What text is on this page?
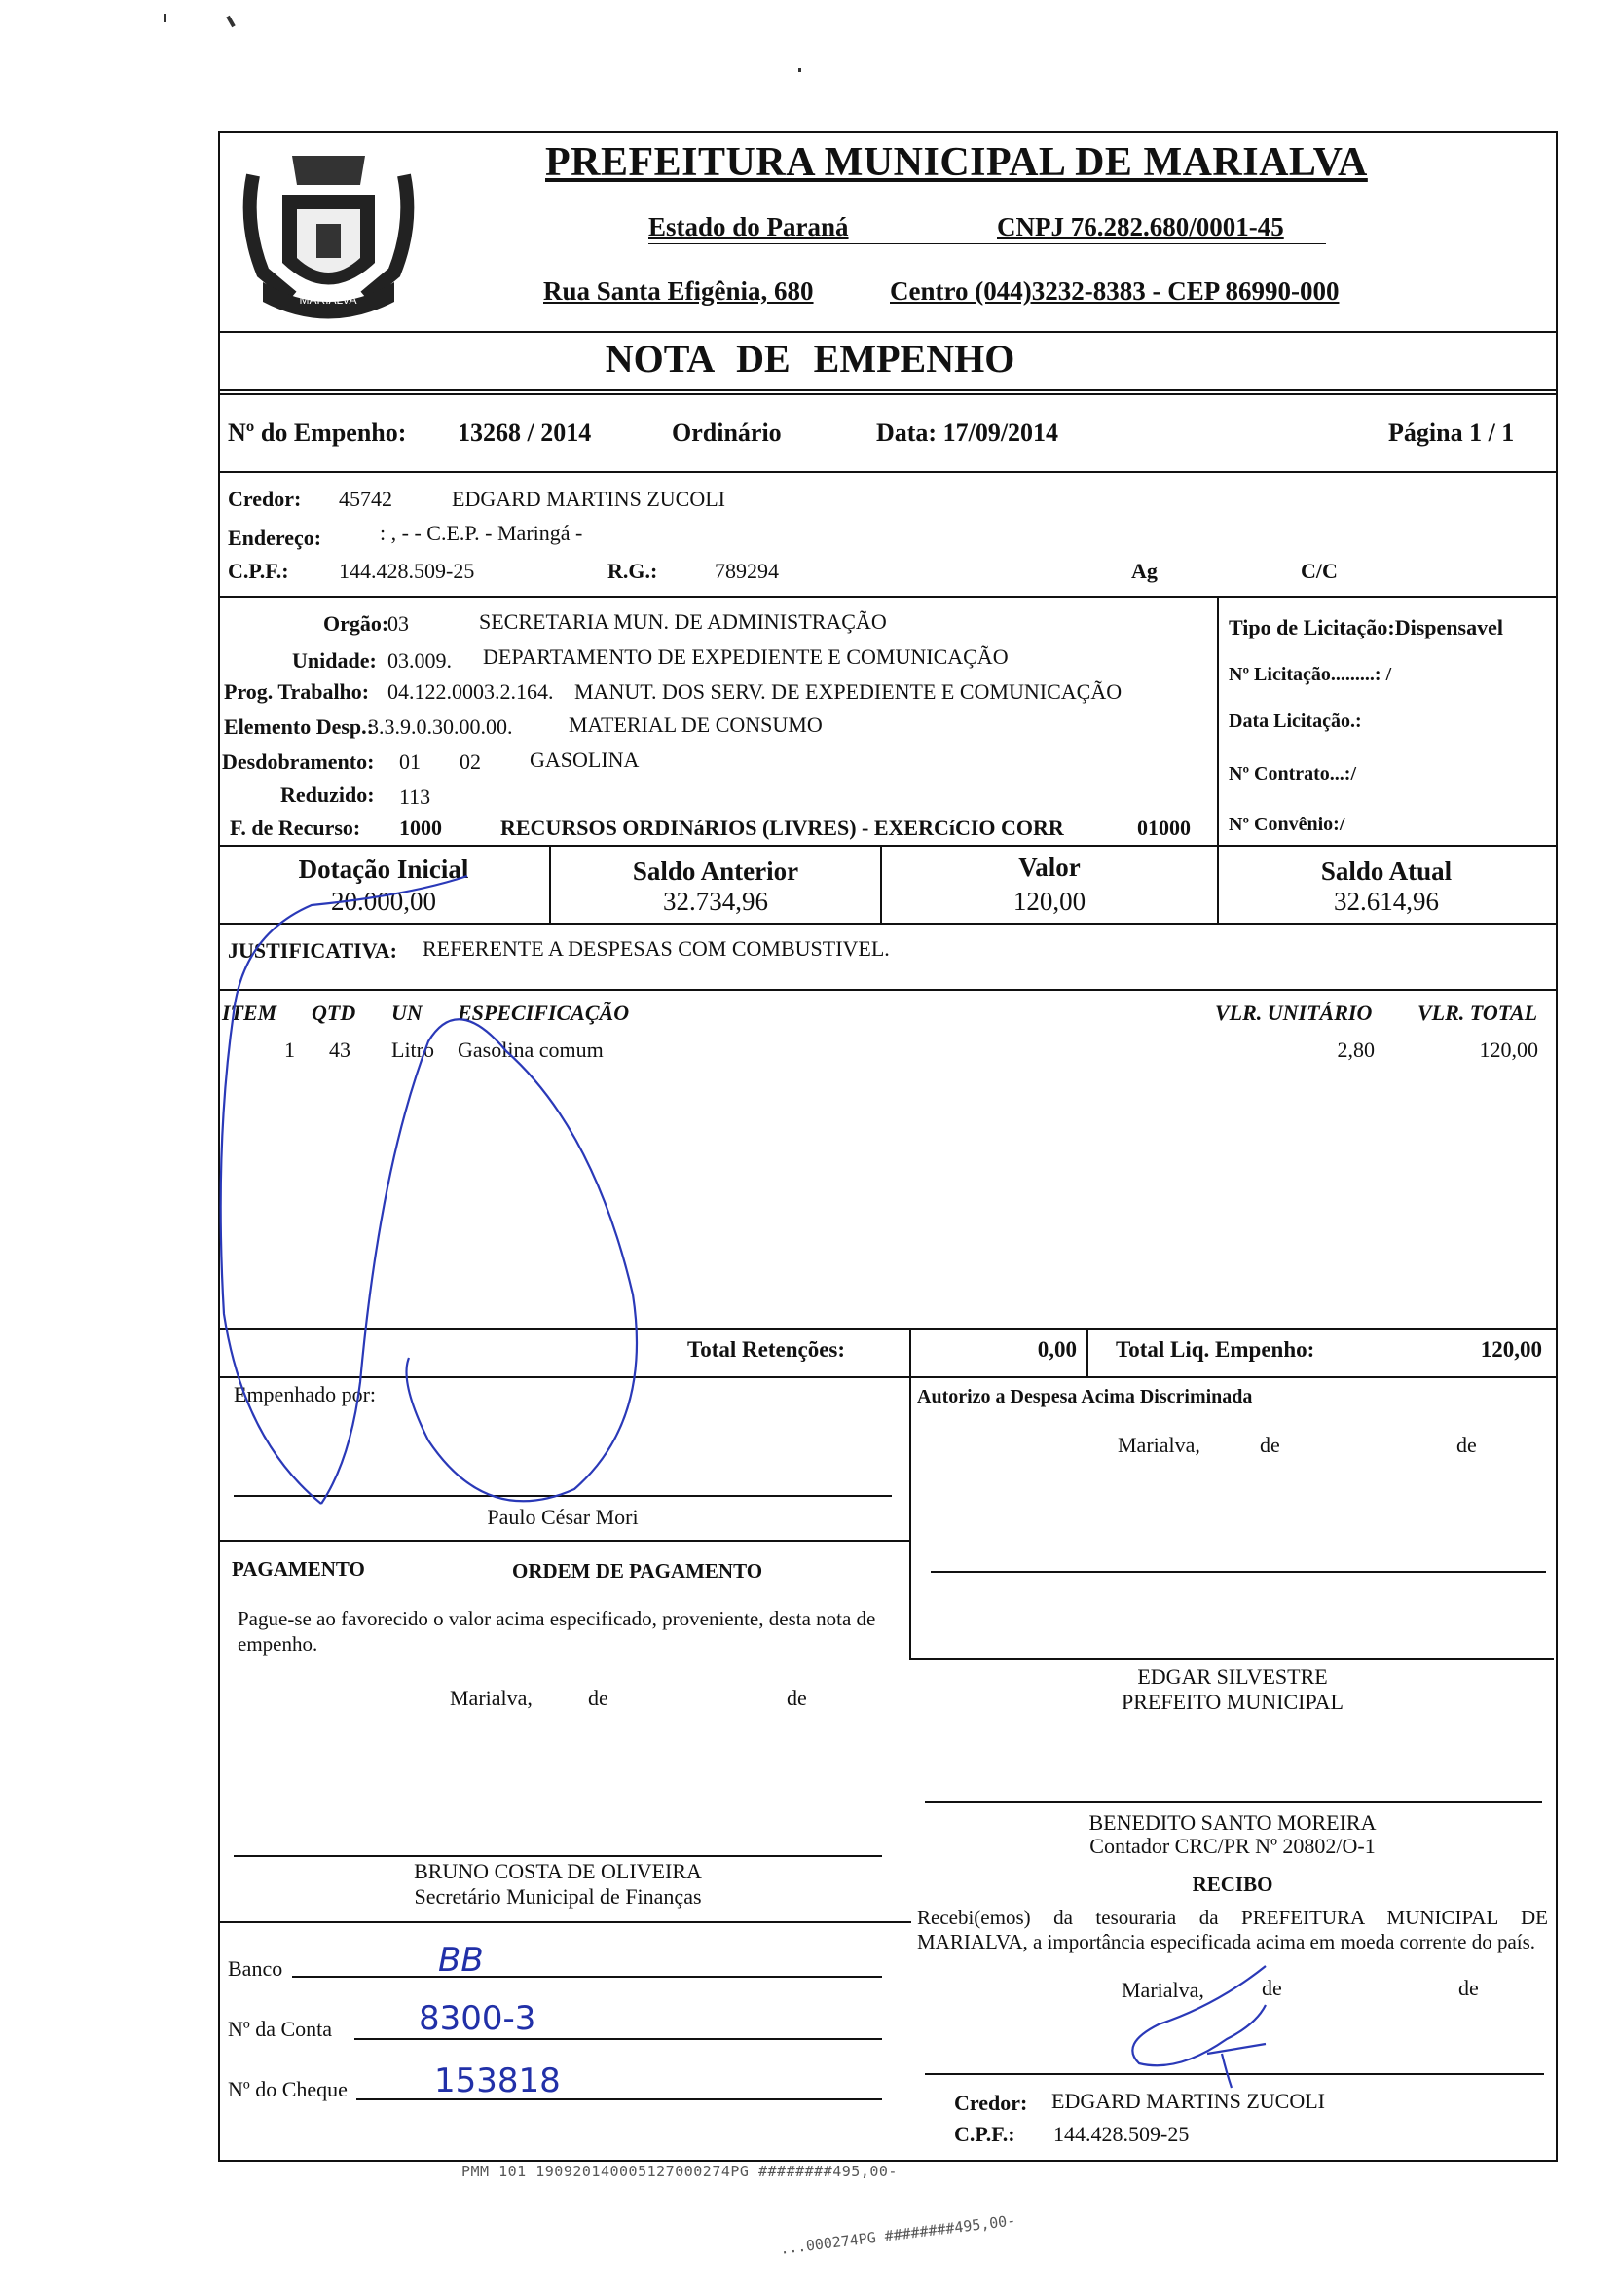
MARIALVA
PREFEITURA MUNICIPAL DE MARIALVA
Estado do Paraná	CNPJ 76.282.680/0001-45
Rua Santa Efigênia, 680	Centro (044)3232-8383 - CEP 86990-000
NOTA DE EMPENHO
Nº do Empenho: 13268 / 2014	Ordinário	Data: 17/09/2014	Página 1 / 1
Credor: 45742	EDGARD MARTINS ZUCOLI
Endereço:	: , - - C.E.P. - Maringá -
C.P.F.: 144.428.509-25	R.G.:	789294	Ag	C/C
Orgão:
03	SECRETARIA MUN. DE ADMINISTRAÇÃO
Unidade: 03.009. DEPARTAMENTO DE EXPEDIENTE E COMUNICAÇÃO
Prog. Trabalho: 04.122.0003.2.164. MANUT. DOS SERV. DE EXPEDIENTE E COMUNICAÇÃO
Elemento Desp.:
3.3.9.0.30.00.00.	MATERIAL DE CONSUMO
Desdobramento: 01 02 GASOLINA
Reduzido: 113
F. de Recurso: 1000	RECURSOS ORDINáRIOS (LIVRES) - EXERCíCIO CORR	01000
Tipo de Licitação:Dispensavel
Nº Licitação.........: /
Data Licitação.:
Nº Contrato...:/
Nº Convênio:/
Dotação Inicial
20.000,00
Saldo Anterior
32.734,96
Valor
120,00
Saldo Atual
32.614,96
JUSTIFICATIVA: REFERENTE A DESPESAS COM COMBUSTIVEL.
ITEM QTD UN ESPECIFICAÇÃO	VLR. UNITÁRIO VLR. TOTAL
1 43 Litro Gasolina comum	2,80	120,00
Total Retenções:	0,00 Total Liq. Empenho:	120,00
Empenhado por:
Paulo César Mori
Autorizo a Despesa Acima Discriminada
Marialva,	de	de
EDGAR SILVESTRE
PREFEITO MUNICIPAL
PAGAMENTO	ORDEM DE PAGAMENTO
Pague-se ao favorecido o valor acima especificado, proveniente, desta nota de empenho.
Marialva,	de	de
BRUNO COSTA DE OLIVEIRA
Secretário Municipal de Finanças
BENEDITO SANTO MOREIRA
Contador CRC/PR Nº 20802/O-1
Banco	BB
Nº da Conta	8300-3
Nº do Cheque	153818
RECIBO
Recebi(emos) da tesouraria da PREFEITURA MUNICIPAL DE MARIALVA, a importância especificada acima em moeda corrente do país.
Marialva,	de	de
Credor: EDGARD MARTINS ZUCOLI
C.P.F.: 144.428.509-25
PMM 101 190920140005127000274PG ########495,00-
...000274PG ########495,00-
